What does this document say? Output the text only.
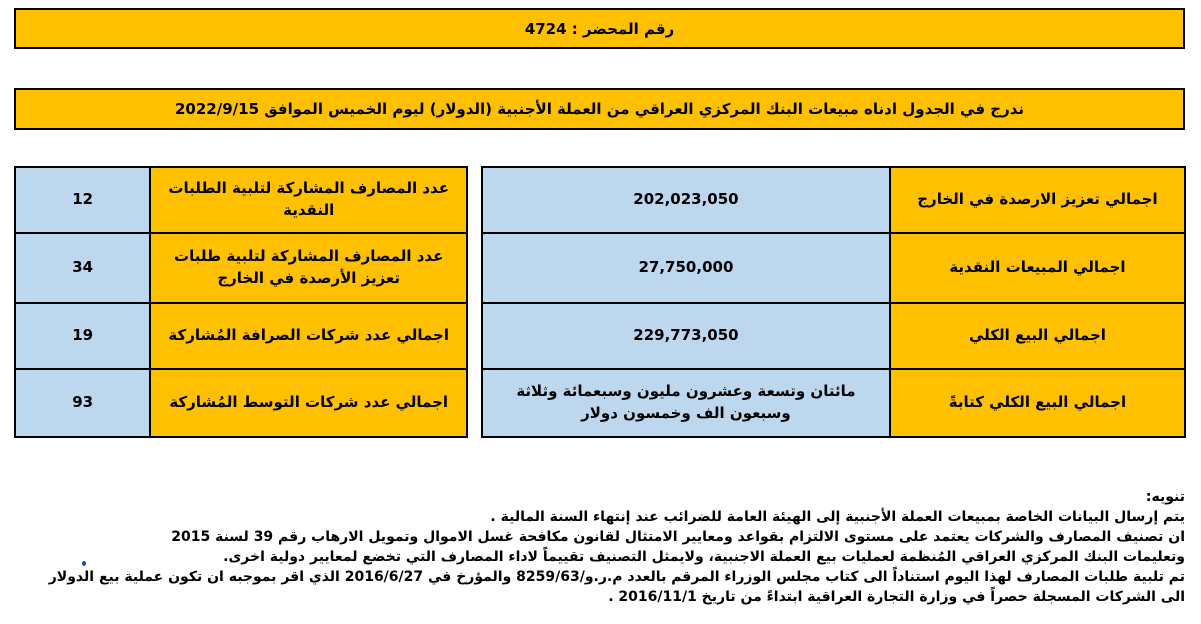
رقم المحضر : 4724
ندرج في الجدول ادناه مبيعات البنك المركزي العراقي من العملة الأجنبية (الدولار) ليوم الخميس الموافق 2022/9/15
اجمالي تعزيز الارصدة في الخارج	202,023,050
اجمالي المبيعات النقدية	27,750,000
اجمالي البيع الكلي	229,773,050
اجمالي البيع الكلي كتابةً	مائتان وتسعة وعشرون مليون وسبعمائة وثلاثة وسبعون الف وخمسون دولار
عدد المصارف المشاركة لتلبية الطلبات النقدية	12
عدد المصارف المشاركة لتلبية طلبات تعزيز الأرصدة في الخارج	34
اجمالي عدد شركات الصرافة المُشاركة	19
اجمالي عدد شركات التوسط المُشاركة	93

تنويه:

يتم إرسال البيانات الخاصة بمبيعات العملة الأجنبية إلى الهيئة العامة للضرائب عند إنتهاء السنة المالية .

ان تصنيف المصارف والشركات يعتمد على مستوى الالتزام بقواعد ومعايير الامتثال لقانون مكافحة غسل الاموال وتمويل الارهاب رقم 39 لسنة 2015

وتعليمات البنك المركزي العراقي المُنظمة لعمليات بيع العملة الاجنبية، ولايمثل التصنيف تقييماً لاداء المصارف التي تخضع لمعايير دولية اخرى.

تم تلبية طلبات المصارف لهذا اليوم استناداً الى كتاب مجلس الوزراء المرقم بالعدد م.ر.و/8259/63 والمؤرخ في 2016/6/27 الذي اقر بموجبه ان تكون عملية بيع الدولار

الى الشركات المسجلة حصراً في وزارة التجارة العراقية ابتداءً من تاريخ 2016/11/1 .
